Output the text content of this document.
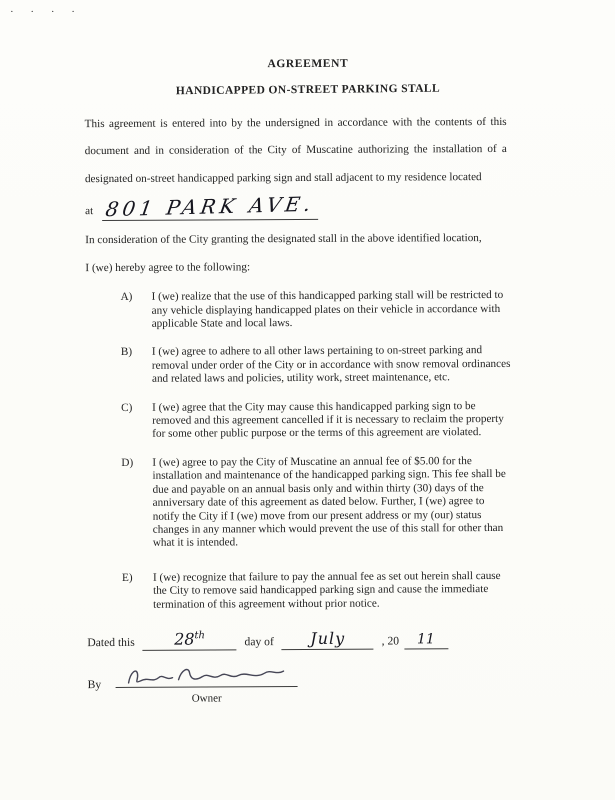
· · · ·
AGREEMENT
HANDICAPPED ON-STREET PARKING STALL

This agreement is entered into by the undersigned in accordance with the contents of this document and in consideration of the City of Muscatine authorizing the installation of a designated on-street handicapped parking sign and stall adjacent to my residence located

at 801 PARK AVE.
In consideration of the City granting the designated stall in the above identified location,
I (we) hereby agree to the following:
A)	I (we) realize that the use of this handicapped parking stall will be restricted to any vehicle displaying handicapped plates on their vehicle in accordance with applicable State and local laws.
B)	I (we) agree to adhere to all other laws pertaining to on-street parking and removal under order of the City or in accordance with snow removal ordinances and related laws and policies, utility work, street maintenance, etc.
C)	I (we) agree that the City may cause this handicapped parking sign to be removed and this agreement cancelled if it is necessary to reclaim the property for some other public purpose or the terms of this agreement are violated.
D)	I (we) agree to pay the City of Muscatine an annual fee of $5.00 for the installation and maintenance of the handicapped parking sign. This fee shall be due and payable on an annual basis only and within thirty (30) days of the anniversary date of this agreement as dated below. Further, I (we) agree to notify the City if I (we) move from our present address or my (our) status changes in any manner which would prevent the use of this stall for other than what it is intended.
E)	I (we) recognize that failure to pay the annual fee as set out herein shall cause the City to remove said handicapped parking sign and cause the immediate termination of this agreement without prior notice.
Dated this 28th	day of July	, 20 11
By
Owner
